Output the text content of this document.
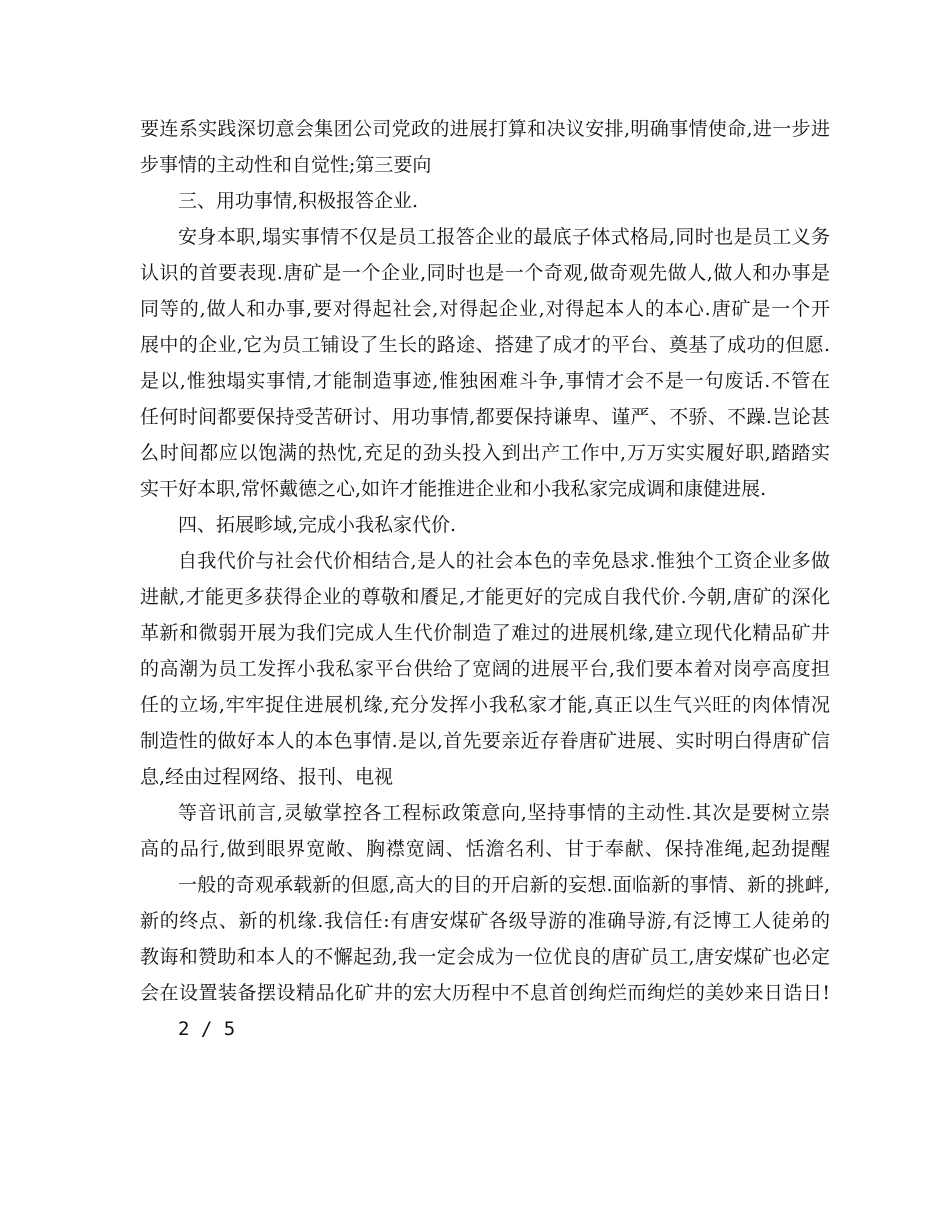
要连系实践深切意会集团公司党政的进展打算和决议安排,明确事情使命,进一步进
步事情的主动性和自觉性;第三要向
三、用功事情,积极报答企业.
安身本职,塌实事情不仅是员工报答企业的最底子体式格局,同时也是员工义务
认识的首要表现.唐矿是一个企业,同时也是一个奇观,做奇观先做人,做人和办事是
同等的,做人和办事,要对得起社会,对得起企业,对得起本人的本心.唐矿是一个开
展中的企业,它为员工铺设了生长的路途、搭建了成才的平台、奠基了成功的但愿.
是以,惟独塌实事情,才能制造事迹,惟独困难斗争,事情才会不是一句废话.不管在
任何时间都要保持受苦研讨、用功事情,都要保持谦卑、谨严、不骄、不躁.岂论甚
么时间都应以饱满的热忱,充足的劲头投入到出产工作中,万万实实履好职,踏踏实
实干好本职,常怀戴德之心,如许才能推进企业和小我私家完成调和康健进展.
四、拓展畛域,完成小我私家代价.
自我代价与社会代价相结合,是人的社会本色的幸免恳求.惟独个工资企业多做
进献,才能更多获得企业的尊敬和餍足,才能更好的完成自我代价.今朝,唐矿的深化
革新和微弱开展为我们完成人生代价制造了难过的进展机缘,建立现代化精品矿井
的高潮为员工发挥小我私家平台供给了宽阔的进展平台,我们要本着对岗亭高度担
任的立场,牢牢捉住进展机缘,充分发挥小我私家才能,真正以生气兴旺的肉体情况
制造性的做好本人的本色事情.是以,首先要亲近存眷唐矿进展、实时明白得唐矿信
息,经由过程网络、报刊、电视
等音讯前言,灵敏掌控各工程标政策意向,坚持事情的主动性.其次是要树立崇
高的品行,做到眼界宽敞、胸襟宽阔、恬澹名利、甘于奉献、保持准绳,起劲提醒
一般的奇观承载新的但愿,高大的目的开启新的妄想.面临新的事情、新的挑衅,
新的终点、新的机缘.我信任:有唐安煤矿各级导游的准确导游,有泛博工人徒弟的
教诲和赞助和本人的不懈起劲,我一定会成为一位优良的唐矿员工,唐安煤矿也必定
会在设置装备摆设精品化矿井的宏大历程中不息首创绚烂而绚烂的美妙来日诰日!
2 / 5
